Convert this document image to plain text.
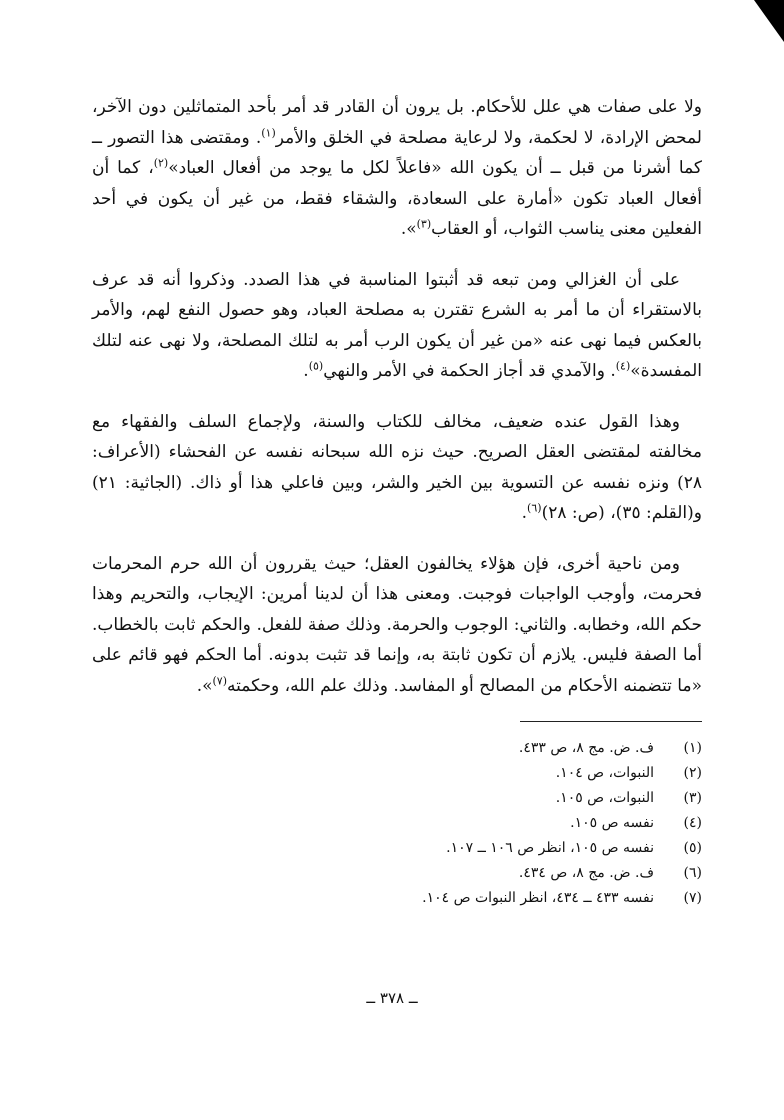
ولا على صفات هي علل للأحكام. بل يرون أن القادر قد أمر بأحد المتماثلين دون الآخر، لمحض الإرادة، لا لحكمة، ولا لرعاية مصلحة في الخلق والأمر$^{(١)}$. ومقتضى هذا التصور ــ كما أشرنا من قبل ــ أن يكون الله «فاعلاً لكل ما يوجد من أفعال العباد»$^{(٢)}$، كما أن أفعال العباد تكون «أمارة على السعادة، والشقاء فقط، من غير أن يكون في أحد الفعلين معنى يناسب الثواب، أو العقاب$^{(٣)}$».

على أن الغزالي ومن تبعه قد أثبتوا المناسبة في هذا الصدد. وذكروا أنه قد عرف بالاستقراء أن ما أمر به الشرع تقترن به مصلحة العباد، وهو حصول النفع لهم، والأمر بالعكس فيما نهى عنه «من غير أن يكون الرب أمر به لتلك المصلحة، ولا نهى عنه لتلك المفسدة»$^{(٤)}$. والآمدي قد أجاز الحكمة في الأمر والنهي$^{(٥)}$.

وهذا القول عنده ضعيف، مخالف للكتاب والسنة، ولإجماع السلف والفقهاء مع مخالفته لمقتضى العقل الصريح. حيث نزه الله سبحانه نفسه عن الفحشاء (الأعراف: ٢٨) ونزه نفسه عن التسوية بين الخير والشر، وبين فاعلي هذا أو ذاك. (الجاثية: ٢١) و(القلم: ٣٥)، (ص: ٢٨)$^{(٦)}$.

ومن ناحية أخرى، فإن هؤلاء يخالفون العقل؛ حيث يقررون أن الله حرم المحرمات فحرمت، وأوجب الواجبات فوجبت. ومعنى هذا أن لدينا أمرين: الإيجاب، والتحريم وهذا حكم الله، وخطابه. والثاني: الوجوب والحرمة. وذلك صفة للفعل. والحكم ثابت بالخطاب. أما الصفة فليس. يلازم أن تكون ثابتة به، وإنما قد تثبت بدونه. أما الحكم فهو قائم على «ما تتضمنه الأحكام من المصالح أو المفاسد. وذلك علم الله، وحكمته$^{(٧)}$».

(١)
ف. ض. مج ٨، ص ٤٣٣.
(٢)
النبوات، ص ١٠٤.
(٣)
النبوات، ص ١٠٥.
(٤)
نفسه ص ١٠٥.
(٥)
نفسه ص ١٠٥، انظر ص ١٠٦ ــ ١٠٧.
(٦)
ف. ض. مج ٨، ص ٤٣٤.
(٧)
نفسه ٤٣٣ ــ ٤٣٤، انظر النبوات ص ١٠٤.
ــ ٣٧٨ ــ
